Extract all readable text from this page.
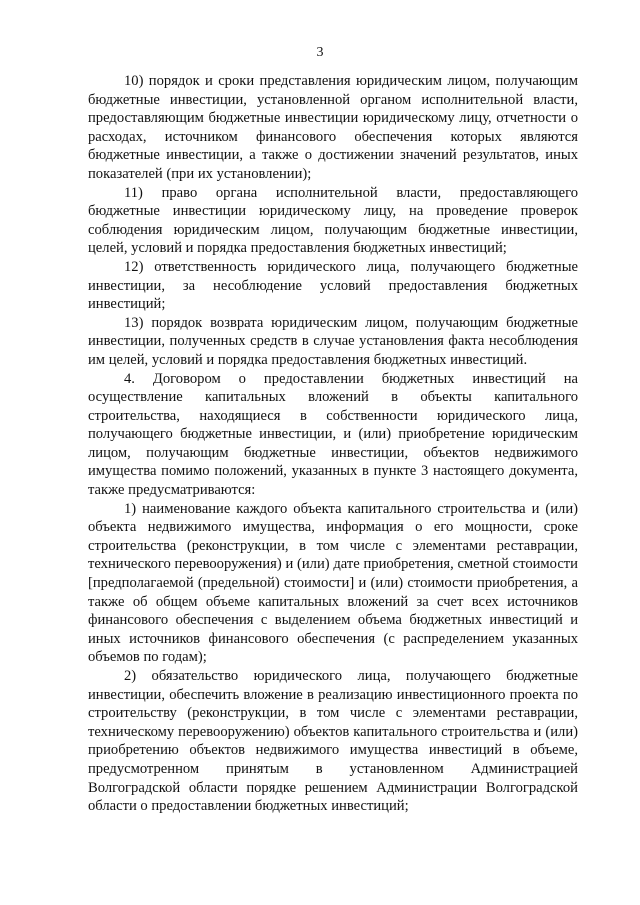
3

10) порядок и сроки представления юридическим лицом, получающим бюджетные инвестиции, установленной органом исполнительной власти, предоставляющим бюджетные инвестиции юридическому лицу, отчетности о расходах, источником финансового обеспечения которых являются бюджетные инвестиции, а также о достижении значений результатов, иных показателей (при их установлении);

11) право органа исполнительной власти, предоставляющего бюджетные инвестиции юридическому лицу, на проведение проверок соблюдения юридическим лицом, получающим бюджетные инвестиции, целей, условий и порядка предоставления бюджетных инвестиций;

12) ответственность юридического лица, получающего бюджетные инвестиции, за несоблюдение условий предоставления бюджетных инвестиций;

13) порядок возврата юридическим лицом, получающим бюджетные инвестиции, полученных средств в случае установления факта несоблюдения им целей, условий и порядка предоставления бюджетных инвестиций.

4. Договором о предоставлении бюджетных инвестиций на осуществление капитальных вложений в объекты капитального строительства, находящиеся в собственности юридического лица, получающего бюджетные инвестиции, и (или) приобретение юридическим лицом, получающим бюджетные инвестиции, объектов недвижимого имущества помимо положений, указанных в пункте 3 настоящего документа, также предусматриваются:

1) наименование каждого объекта капитального строительства и (или) объекта недвижимого имущества, информация о его мощности, сроке строительства (реконструкции, в том числе с элементами реставрации, технического перевооружения) и (или) дате приобретения, сметной стоимости [предполагаемой (предельной) стоимости] и (или) стоимости приобретения, а также об общем объеме капитальных вложений за счет всех источников финансового обеспечения с выделением объема бюджетных инвестиций и иных источников финансового обеспечения (с распределением указанных объемов по годам);

2) обязательство юридического лица, получающего бюджетные инвестиции, обеспечить вложение в реализацию инвестиционного проекта по строительству (реконструкции, в том числе с элементами реставрации, техническому перевооружению) объектов капитального строительства и (или) приобретению объектов недвижимого имущества инвестиций в объеме, предусмотренном принятым в установленном Администрацией Волгоградской области порядке решением Администрации Волгоградской области о предоставлении бюджетных инвестиций;
